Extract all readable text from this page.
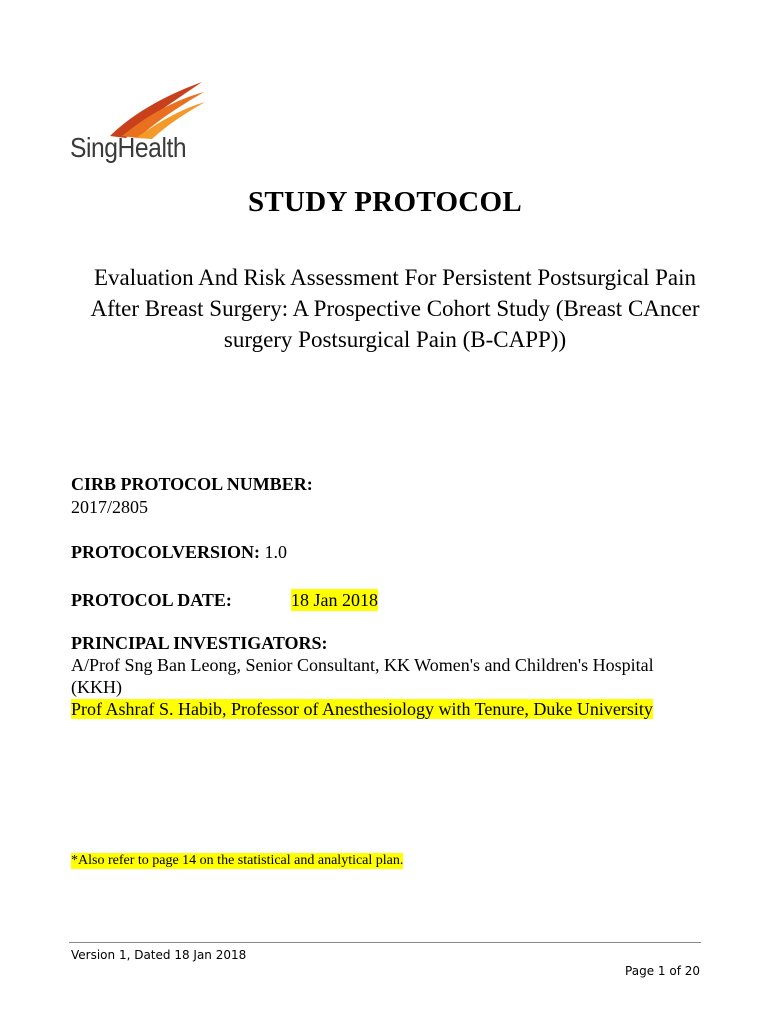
SingHealth
STUDY PROTOCOL
Evaluation And Risk Assessment For Persistent Postsurgical Pain
After Breast Surgery: A Prospective Cohort Study (Breast CAncer
surgery Postsurgical Pain (B-CAPP))
CIRB PROTOCOL NUMBER:
2017/2805
PROTOCOLVERSION: 1.0
PROTOCOL DATE:	18 Jan 2018
PRINCIPAL INVESTIGATORS:
A/Prof Sng Ban Leong, Senior Consultant, KK Women's and Children's Hospital
(KKH)
Prof Ashraf S. Habib, Professor of Anesthesiology with Tenure, Duke University
*Also refer to page 14 on the statistical and analytical plan.
Version 1, Dated 18 Jan 2018
Page 1 of 20
